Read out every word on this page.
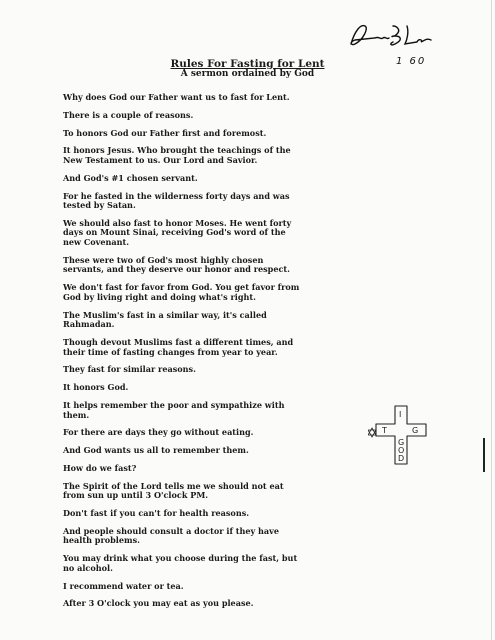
1 60
Rules For Fasting for Lent
A sermon ordained by God

Why does God our Father want us to fast for Lent.

There is a couple of reasons.

To honors God our Father first and foremost.

It honors Jesus. Who brought the teachings of the
New Testament to us. Our Lord and Savior.

And God's #1 chosen servant.

For he fasted in the wilderness forty days and was
tested by Satan.

We should also fast to honor Moses. He went forty
days on Mount Sinai, receiving God's word of the
new Covenant.

These were two of God's most highly chosen
servants, and they deserve our honor and respect.

We don't fast for favor from God. You get favor from
God by living right and doing what's right.

The Muslim's fast in a similar way, it's called
Rahmadan.

Though devout Muslims fast a different times, and
their time of fasting changes from year to year.

They fast for similar reasons.

It honors God.

It helps remember the poor and sympathize with
them.

For there are days they go without eating.

And God wants us all to remember them.

How do we fast?

The Spirit of the Lord tells me we should not eat
from sun up until 3 O'clock PM.

Don't fast if you can't for health reasons.

And people should consult a doctor if they have
health problems.

You may drink what you choose during the fast, but
no alcohol.

I recommend water or tea.

After 3 O'clock you may eat as you please.

I
T	G
G
O
D
